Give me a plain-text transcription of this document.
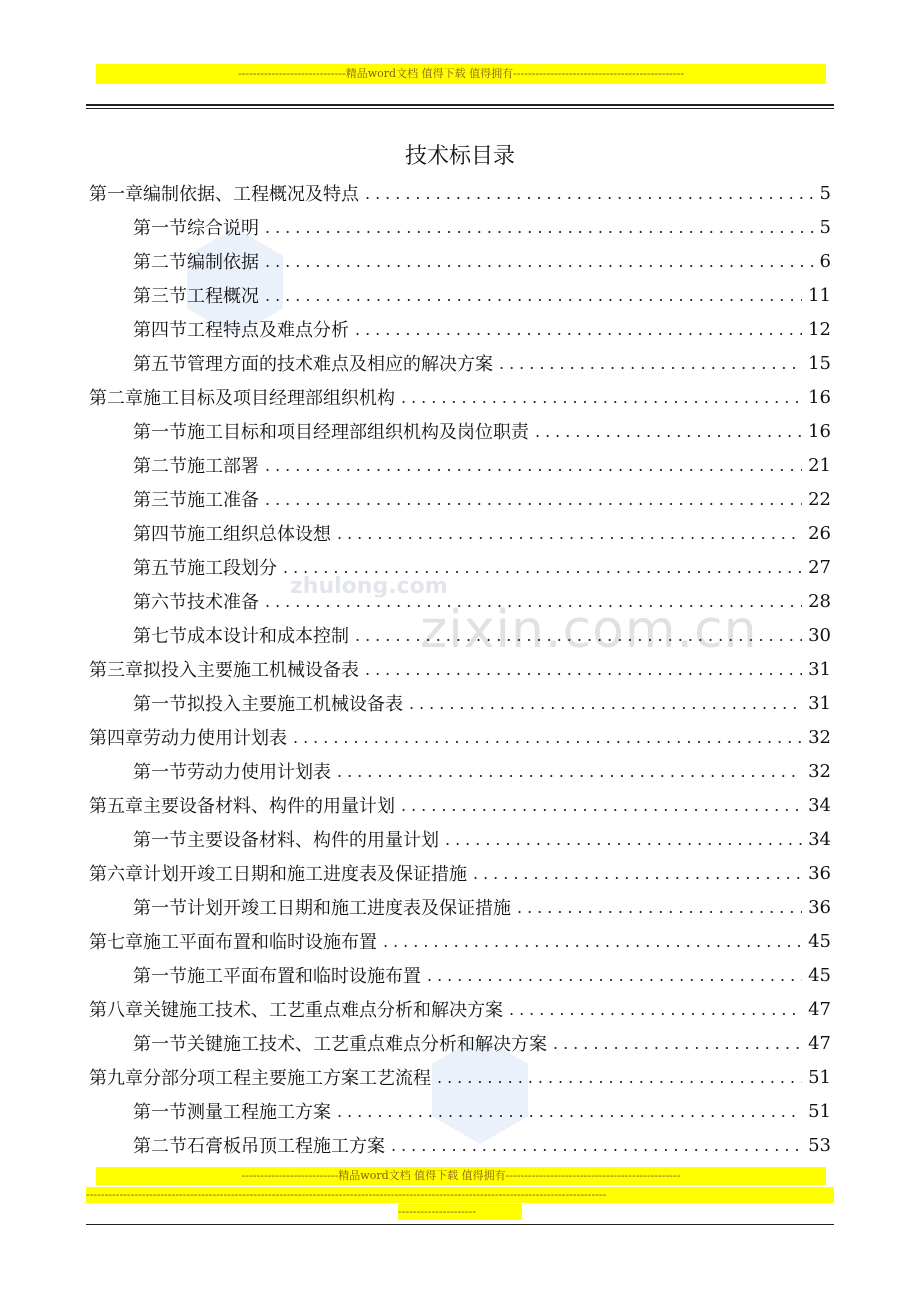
-----------------------------精品word文档 值得下载 值得拥有----------------------------------------------
zhulong.com
zixin.com.cn
技术标目录
第一章 编制依据、工程概况及特点 .....	5
第一节 综合说明 .....	5
第二节 编制依据 .....	6
第三节 工程概况 .....	11
第四节 工程特点及难点分析 .....	12
第五节 管理方面的技术难点及相应的解决方案 .....	15
第二章 施工目标及项目经理部组织机构 .....	16
第一节 施工目标和项目经理部组织机构及岗位职责 .....	16
第二节 施工部署 .....	21
第三节 施工准备 .....	22
第四节 施工组织总体设想 .....	26
第五节 施工段划分 .....	27
第六节 技术准备 .....	28
第七节 成本设计和成本控制 .....	30
第三章 拟投入主要施工机械设备表 .....	31
第一节 拟投入主要施工机械设备表 .....	31
第四章 劳动力使用计划表 .....	32
第一节 劳动力使用计划表 .....	32
第五章 主要设备材料、构件的用量计划 .....	34
第一节 主要设备材料、构件的用量计划 .....	34
第六章 计划开竣工日期和施工进度表及保证措施 .....	36
第一节 计划开竣工日期和施工进度表及保证措施 .....	36
第七章 施工平面布置和临时设施布置 .....	45
第一节 施工平面布置和临时设施布置 .....	45
第八章 关键施工技术、工艺重点难点分析和解决方案 .....	47
第一节 关键施工技术、工艺重点难点分析和解决方案 .....	47
第九章 分部分项工程主要施工方案工艺流程 .....	51
第一节 测量工程施工方案 .....	51
第二节 石膏板吊顶工程施工方案 .....	53
--------------------------精品word文档 值得下载 值得拥有-----------------------------------------------
--------------------------------------------------------------------------------------------------------------------------------------------
---------------------
